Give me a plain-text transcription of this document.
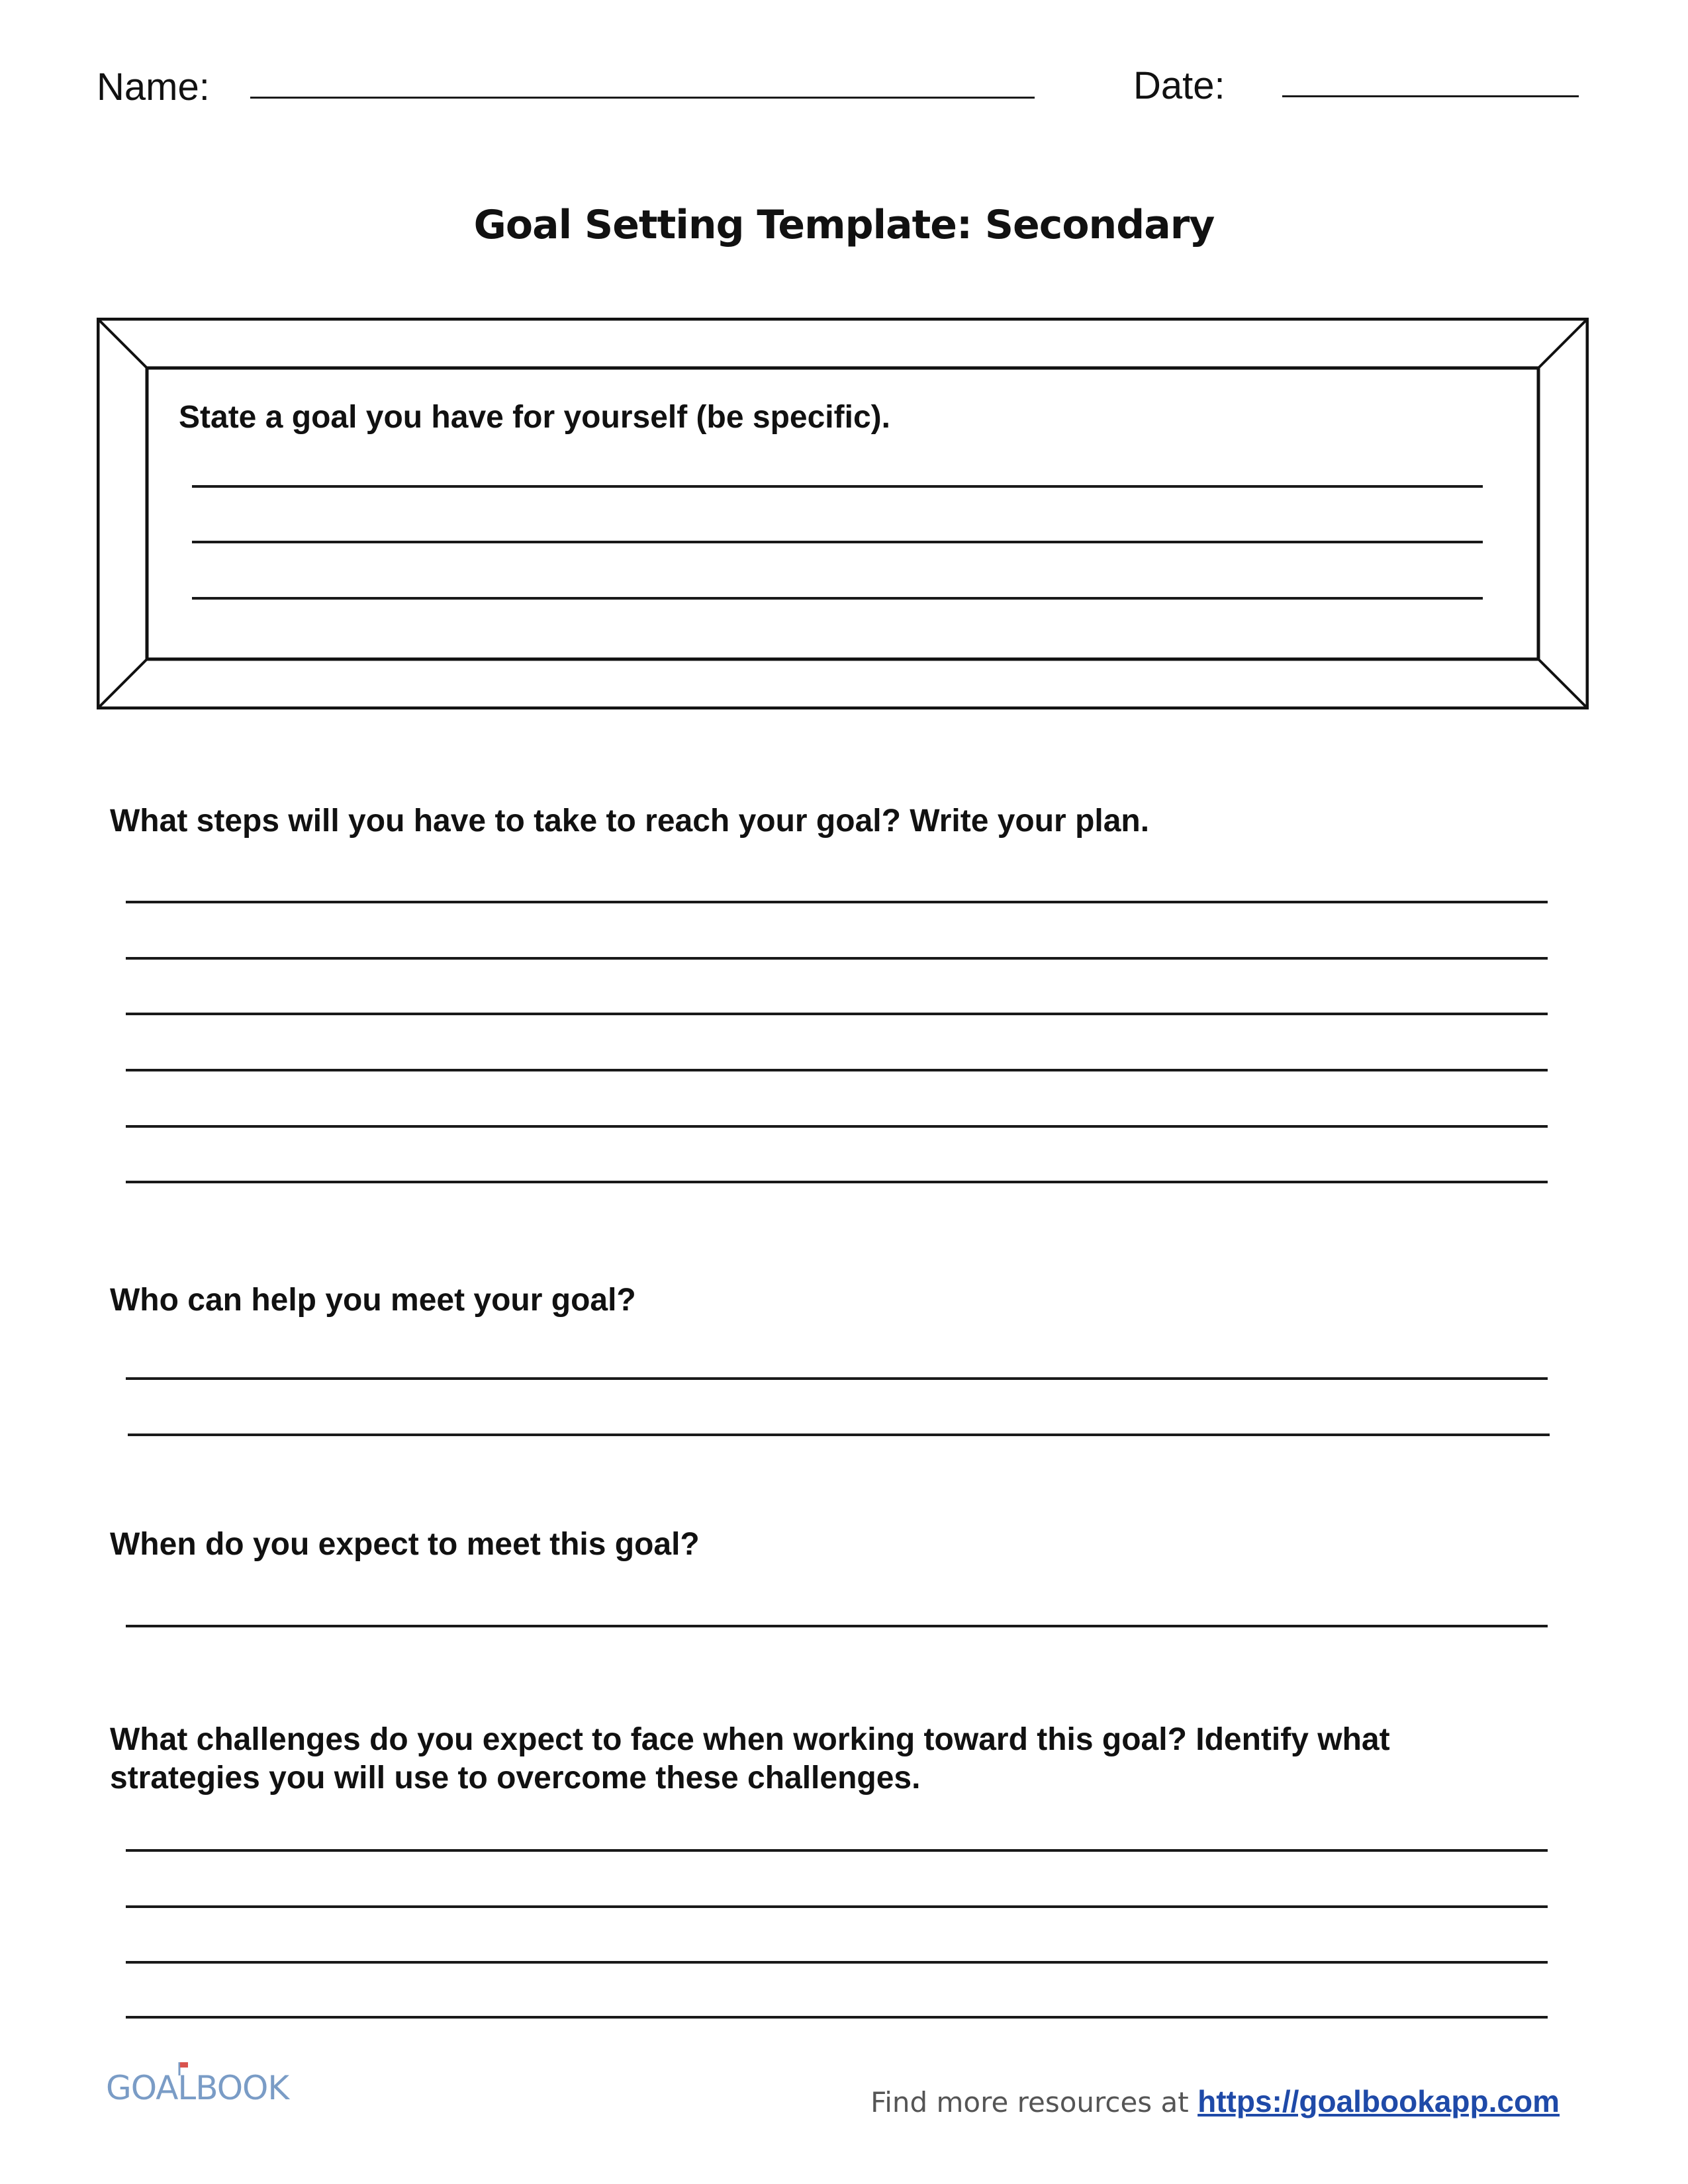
Name:	Date:
Goal Setting Template: Secondary
State a goal you have for yourself (be specific).
What steps will you have to take to reach your goal? Write your plan.
Who can help you meet your goal?
When do you expect to meet this goal?
What challenges do you expect to face when working toward this goal? Identify what strategies you will use to overcome these challenges.
GOALBOOK	Find more resources at https://goalbookapp.com
